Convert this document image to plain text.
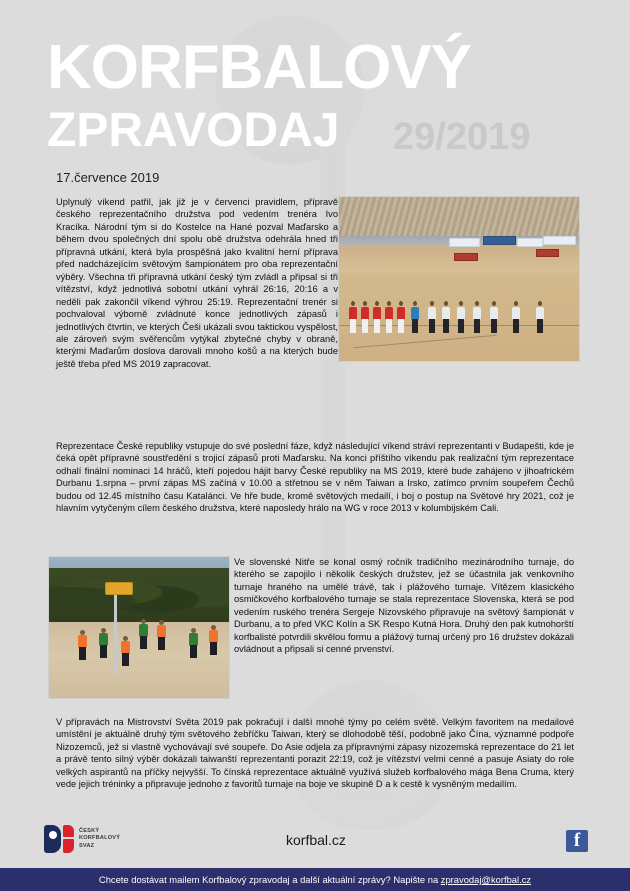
KORFBALOVÝ
ZPRAVODAJ 29/2019
17.července 2019
Uplynulý víkend patřil, jak již je v červenci pravidlem, přípravě českého reprezentačního družstva pod vedením trenéra Ivo Kracíka. Národní tým si do Kostelce na Hané pozval Maďarsko a během dvou společných dní spolu obě družstva odehrála hned tři přípravná utkání, která byla prospěšná jako kvalitní herní příprava před nadcházejícím světovým šampionátem pro oba reprezentační výběry. Všechna tři přípravná utkání český tým zvládl a připsal si tři vítězství, když jednotlivá sobotní utkání vyhrál 26:16, 20:16 a v neděli pak zakončil víkend výhrou 25:19. Reprezentační trenér si pochvaloval výborně zvládnuté konce jednotlivých zápasů i jednotlivých čtvrtin, ve kterých Češi ukázali svou taktickou vyspělost, ale zároveň svým svěřencům vytýkal zbytečné chyby v obraně, kterými Maďarům doslova darovali mnoho košů a na kterých bude ještě třeba před MS 2019 zapracovat.
Reprezentace České republiky vstupuje do své poslední fáze, když následující víkend stráví reprezentanti v Budapešti, kde je čeká opět přípravné soustředění s trojicí zápasů proti Maďarsku. Na konci příštího víkendu pak realizační tým reprezentace odhalí finální nominaci 14 hráčů, kteří pojedou hájit barvy České republiky na MS 2019, které bude zahájeno v jihoafrickém Durbanu 1.srpna – první zápas MS začíná v 10.00 a střetnou se v něm Taiwan a Irsko, zatímco prvním soupeřem Čechů budou od 12.45 místního času Katalánci. Ve hře bude, kromě světových medailí, i boj o postup na Světové hry 2021, což je hlavním vytyčeným cílem českého družstva, které naposledy hrálo na WG v roce 2013 v kolumbijském Cali.
Ve slovenské Nitře se konal osmý ročník tradičního mezinárodního turnaje, do kterého se zapojilo i několik českých družstev, jež se účastnila jak venkovního turnaje hraného na umělé trávě, tak i plážového turnaje. Vítězem klasického osmičkového korfbalového turnaje se stala reprezentace Slovenska, která se pod vedením ruského trenéra Sergeje Nizovského připravuje na světový šampionát v Durbanu, a to před VKC Kolín a SK Respo Kutná Hora. Druhý den pak kutnohorští korfbalisté potvrdili skvělou formu a plážový turnaj určený pro 16 družstev dokázali ovládnout a připsali si cenné prvenství.
V přípravách na Mistrovství Světa 2019 pak pokračují i další mnohé týmy po celém světě. Velkým favoritem na medailové umístění je aktuálně druhý tým světového žebříčku Taiwan, který se dlohodobě těší, podobně jako Čína, významné podpoře Nizozemců, jež si vlastně vychovávají své soupeře. Do Asie odjela za přípravnými zápasy nizozemská reprezentace do 21 let a právě tento silný výběr dokázali taiwanští reprezentanti porazit 22:19, což je vítězství velmi cenné a pasuje Asiaty do role velkých aspirantů na příčky nejvyšší. To čínská reprezentace aktuálně využívá služeb korfbalového mága Bena Cruma, který vede jejich tréninky a připravuje jednoho z favoritů turnaje na boje ve skupině D a k cestě k vysněným medailím.
ČESKÝ
KORFBALOVÝ
SVAZ	korfbal.cz	f
Chcete dostávat mailem Korfbalový zpravodaj a další aktuální zprávy? Napište na zpravodaj@korfbal.cz
